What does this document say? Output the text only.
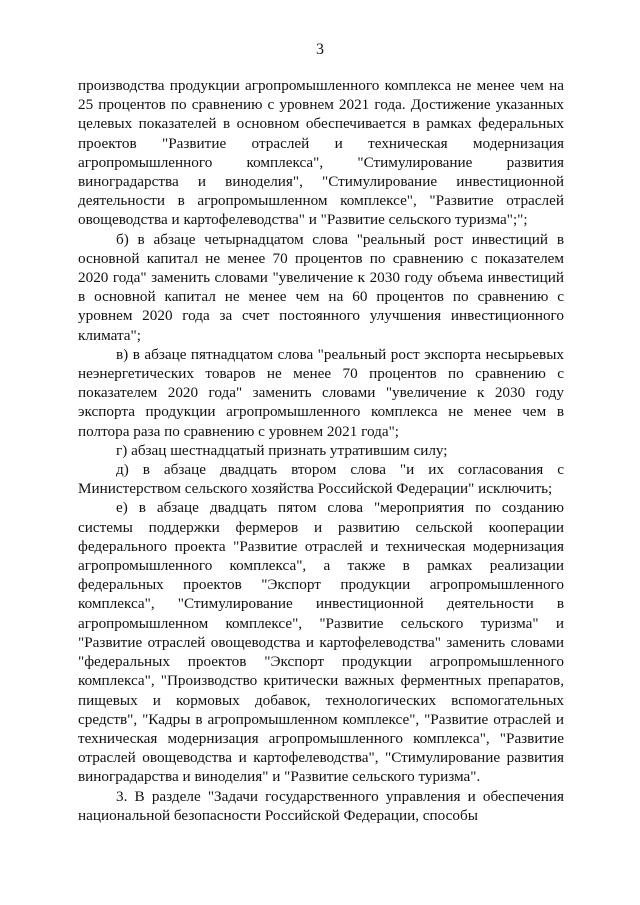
3

производства продукции агропромышленного комплекса не менее чем на 25 процентов по сравнению с уровнем 2021 года. Достижение указанных целевых показателей в основном обеспечивается в рамках федеральных проектов "Развитие отраслей и техническая модернизация агропромышленного комплекса", "Стимулирование развития виноградарства и виноделия", "Стимулирование инвестиционной деятельности в агропромышленном комплексе", "Развитие отраслей овощеводства и картофелеводства" и "Развитие сельского туризма";";

б) в абзаце четырнадцатом слова "реальный рост инвестиций в основной капитал не менее 70 процентов по сравнению с показателем 2020 года" заменить словами "увеличение к 2030 году объема инвестиций в основной капитал не менее чем на 60 процентов по сравнению с уровнем 2020 года за счет постоянного улучшения инвестиционного климата";

в) в абзаце пятнадцатом слова "реальный рост экспорта несырьевых неэнергетических товаров не менее 70 процентов по сравнению с показателем 2020 года" заменить словами "увеличение к 2030 году экспорта продукции агропромышленного комплекса не менее чем в полтора раза по сравнению с уровнем 2021 года";

г) абзац шестнадцатый признать утратившим силу;

д) в абзаце двадцать втором слова "и их согласования с Министерством сельского хозяйства Российской Федерации" исключить;

е) в абзаце двадцать пятом слова "мероприятия по созданию системы поддержки фермеров и развитию сельской кооперации федерального проекта "Развитие отраслей и техническая модернизация агропромышленного комплекса", а также в рамках реализации федеральных проектов "Экспорт продукции агропромышленного комплекса", "Стимулирование инвестиционной деятельности в агропромышленном комплексе", "Развитие сельского туризма" и "Развитие отраслей овощеводства и картофелеводства" заменить словами "федеральных проектов "Экспорт продукции агропромышленного комплекса", "Производство критически важных ферментных препаратов, пищевых и кормовых добавок, технологических вспомогательных средств", "Кадры в агропромышленном комплексе", "Развитие отраслей и техническая модернизация агропромышленного комплекса", "Развитие отраслей овощеводства и картофелеводства", "Стимулирование развития виноградарства и виноделия" и "Развитие сельского туризма".

3. В разделе "Задачи государственного управления и обеспечения национальной безопасности Российской Федерации, способы
